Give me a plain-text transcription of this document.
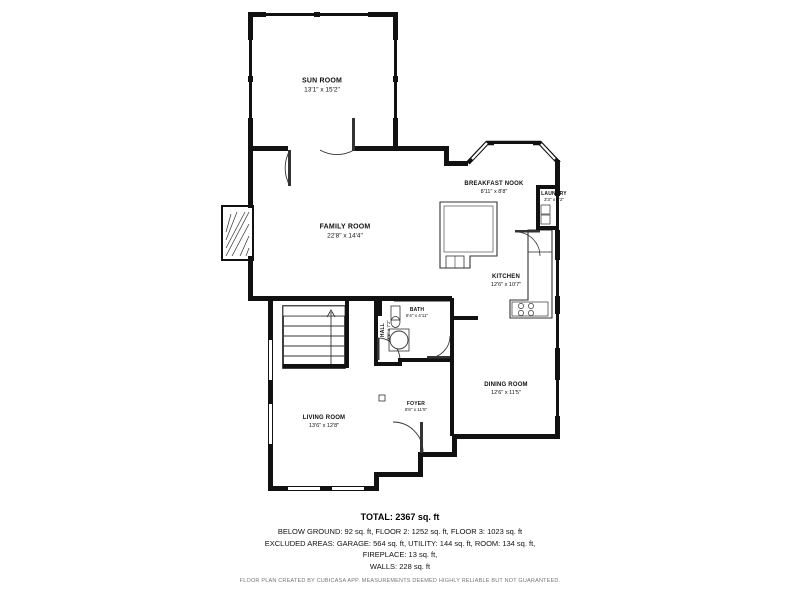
SUN ROOM
13'1" x 15'2"
FAMILY ROOM
22'8" x 14'4"
BREAKFAST NOOK
8'11" x 8'8"	LAUNDRY
3'3" x 6'2"
KITCHEN
12'6" x 10'7"
BATH
6'4" x 4'11"
HALL 3'8" x 7'2"
DINING ROOM
12'6" x 11'5"
FOYER
6'8" x 11'5"
LIVING ROOM
13'6" x 12'8"
TOTAL: 2367 sq. ft
BELOW GROUND: 92 sq. ft, FLOOR 2: 1252 sq. ft, FLOOR 3: 1023 sq. ft
EXCLUDED AREAS: GARAGE: 564 sq. ft, UTILITY: 144 sq. ft, ROOM: 134 sq. ft,
FIREPLACE: 13 sq. ft,
WALLS: 228 sq. ft
FLOOR PLAN CREATED BY CUBICASA APP. MEASUREMENTS DEEMED HIGHLY RELIABLE BUT NOT GUARANTEED.
